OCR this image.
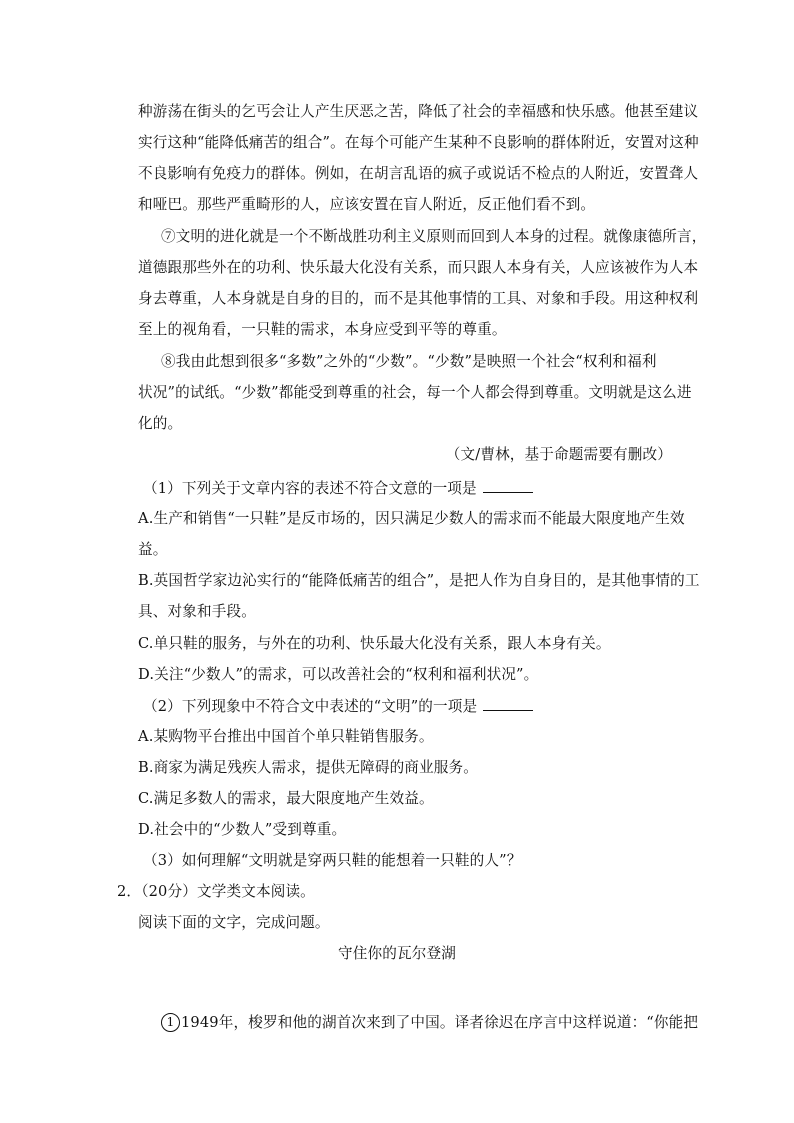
种游荡在街头的乞丐会让人产生厌恶之苦，降低了社会的幸福感和快乐感。他甚至建议
实行这种“能降低痛苦的组合”。在每个可能产生某种不良影响的群体附近，安置对这种
不良影响有免疫力的群体。例如，在胡言乱语的疯子或说话不检点的人附近，安置聋人
和哑巴。那些严重畸形的人，应该安置在盲人附近，反正他们看不到。
⑦文明的进化就是一个不断战胜功利主义原则而回到人本身的过程。就像康德所言，
道德跟那些外在的功利、快乐最大化没有关系，而只跟人本身有关，人应该被作为人本
身去尊重，人本身就是自身的目的，而不是其他事情的工具、对象和手段。用这种权利
至上的视角看，一只鞋的需求，本身应受到平等的尊重。
⑧我由此想到很多“多数”之外的“少数”。“少数”是映照一个社会“权利和福利
状况”的试纸。“少数”都能受到尊重的社会，每一个人都会得到尊重。文明就是这么进
化的。
（文/曹林，基于命题需要有删改）
（1）下列关于文章内容的表述不符合文意的一项是
A.生产和销售“一只鞋”是反市场的，因只满足少数人的需求而不能最大限度地产生效
益。
B.英国哲学家边沁实行的“能降低痛苦的组合”，是把人作为自身目的，是其他事情的工
具、对象和手段。
C.单只鞋的服务，与外在的功利、快乐最大化没有关系，跟人本身有关。
D.关注“少数人”的需求，可以改善社会的“权利和福利状况”。
（2）下列现象中不符合文中表述的“文明”的一项是
A.某购物平台推出中国首个单只鞋销售服务。
B.商家为满足残疾人需求，提供无障碍的商业服务。
C.满足多数人的需求，最大限度地产生效益。
D.社会中的“少数人”受到尊重。
（3）如何理解“文明就是穿两只鞋的能想着一只鞋的人”？
2．（20分）文学类文本阅读。
阅读下面的文字，完成问题。
守住你的瓦尔登湖
1 1949年，梭罗和他的湖首次来到了中国。译者徐迟在序言中这样说道：“你能把
